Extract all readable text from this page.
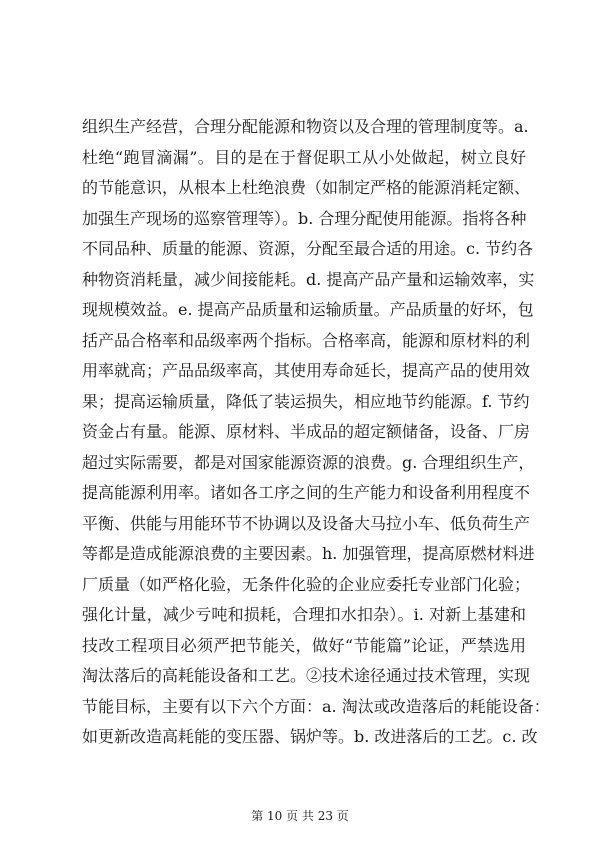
组织生产经营，合理分配能源和物资以及合理的管理制度等。a.
杜绝“跑冒滴漏”。目的是在于督促职工从小处做起，树立良好
的节能意识，从根本上杜绝浪费（如制定严格的能源消耗定额、
加强生产现场的巡察管理等）。b. 合理分配使用能源。指将各种
不同品种、质量的能源、资源，分配至最合适的用途。c. 节约各
种物资消耗量，减少间接能耗。d. 提高产品产量和运输效率，实
现规模效益。e. 提高产品质量和运输质量。产品质量的好坏，包
括产品合格率和品级率两个指标。合格率高，能源和原材料的利
用率就高；产品品级率高，其使用寿命延长，提高产品的使用效
果；提高运输质量，降低了装运损失，相应地节约能源。f. 节约
资金占有量。能源、原材料、半成品的超定额储备，设备、厂房
超过实际需要，都是对国家能源资源的浪费。g. 合理组织生产，
提高能源利用率。诸如各工序之间的生产能力和设备利用程度不
平衡、供能与用能环节不协调以及设备大马拉小车、低负荷生产
等都是造成能源浪费的主要因素。h. 加强管理，提高原燃材料进
厂质量（如严格化验，无条件化验的企业应委托专业部门化验；
强化计量，减少亏吨和损耗，合理扣水扣杂）。i. 对新上基建和
技改工程项目必须严把节能关，做好“节能篇”论证，严禁选用
淘汰落后的高耗能设备和工艺。②技术途径通过技术管理，实现
节能目标，主要有以下六个方面：a. 淘汰或改造落后的耗能设备：
如更新改造高耗能的变压器、锅炉等。b. 改进落后的工艺。c. 改
第 10 页 共 23 页
